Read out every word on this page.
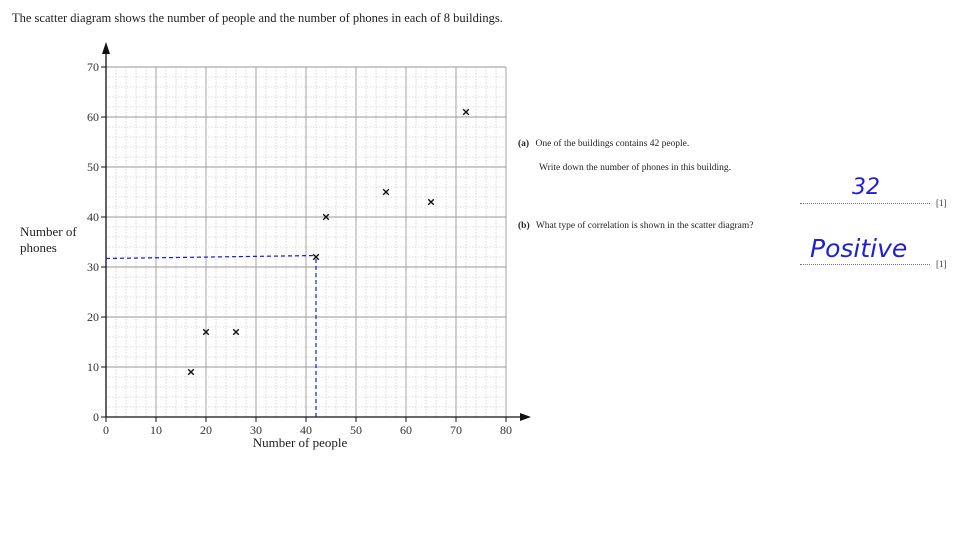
The scatter diagram shows the number of people and the number of phones in each of 8 buildings.
0	10	20	30	40	50	60	70	80
0
10
20
30
40
50
60
70
Number of people
Number of
phones
(a) One of the buildings contains 42 people.
Write down the number of phones in this building.
32
[1]
(b) What type of correlation is shown in the scatter diagram?
Positive
[1]
